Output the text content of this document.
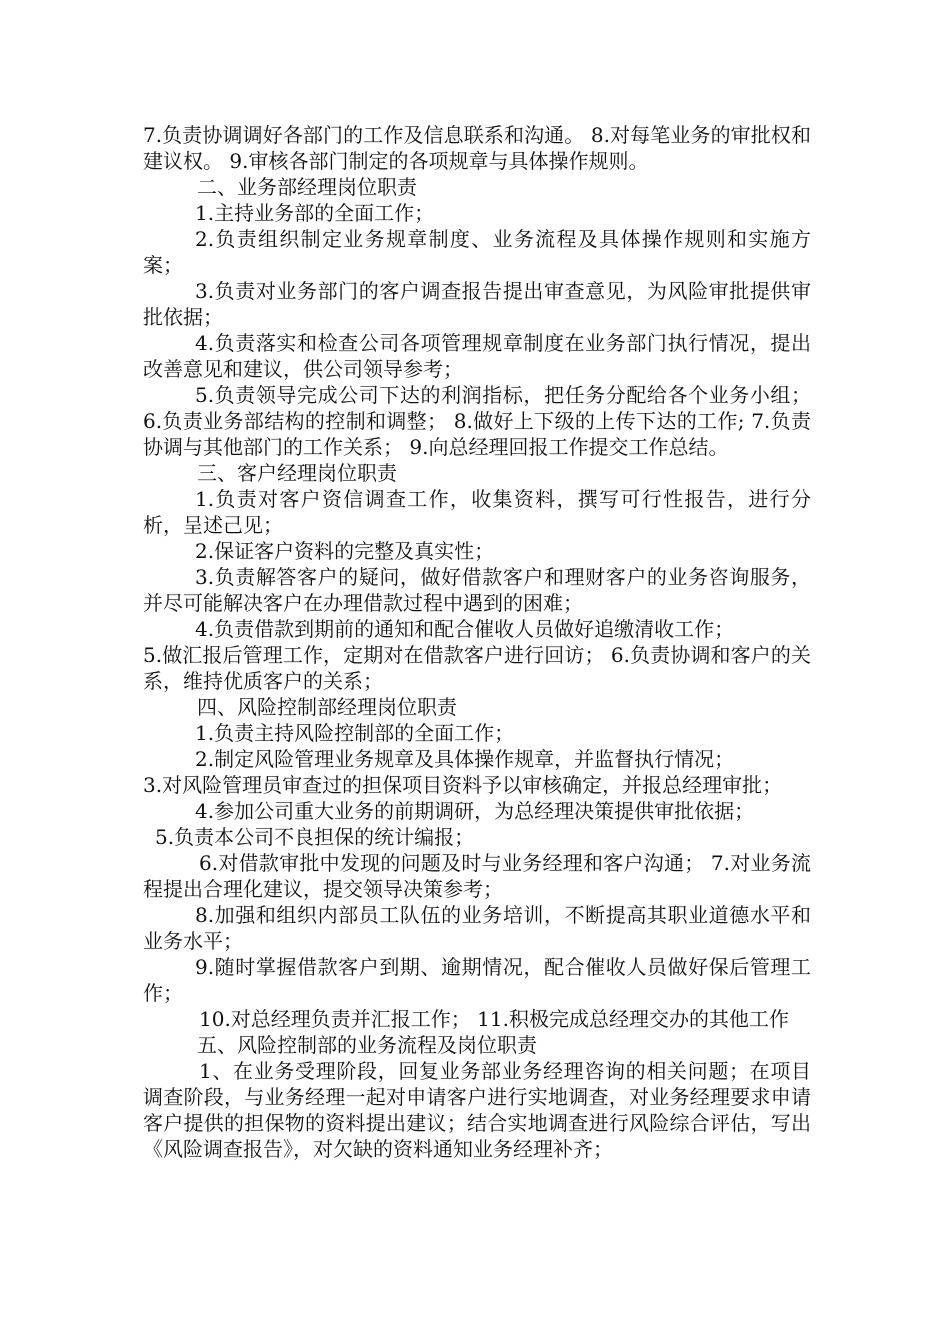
7.负责协调调好各部门的工作及信息联系和沟通。 8.对每笔业务的审批权和建议权。 9.审核各部门制定的各项规章与具体操作规则。

二、业务部经理岗位职责

1.主持业务部的全面工作；

2.负责组织制定业务规章制度、业务流程及具体操作规则和实施方案；

3.负责对业务部门的客户调查报告提出审查意见，为风险审批提供审批依据；

4.负责落实和检查公司各项管理规章制度在业务部门执行情况，提出改善意见和建议，供公司领导参考；

5.负责领导完成公司下达的利润指标，把任务分配给各个业务小组； 6.负责业务部结构的控制和调整； 8.做好上下级的上传下达的工作; 7.负责协调与其他部门的工作关系； 9.向总经理回报工作提交工作总结。

三、客户经理岗位职责

1.负责对客户资信调查工作，收集资料，撰写可行性报告，进行分析，呈述己见；

2.保证客户资料的完整及真实性；

3.负责解答客户的疑问，做好借款客户和理财客户的业务咨询服务，并尽可能解决客户在办理借款过程中遇到的困难；

4.负责借款到期前的通知和配合催收人员做好追缴清收工作；

5.做汇报后管理工作，定期对在借款客户进行回访； 6.负责协调和客户的关系，维持优质客户的关系；

四、风险控制部经理岗位职责

1.负责主持风险控制部的全面工作；

2.制定风险管理业务规章及具体操作规章，并监督执行情况；

3.对风险管理员审查过的担保项目资料予以审核确定，并报总经理审批；

4.参加公司重大业务的前期调研，为总经理决策提供审批依据；

5.负责本公司不良担保的统计编报；

6.对借款审批中发现的问题及时与业务经理和客户沟通； 7.对业务流程提出合理化建议，提交领导决策参考；

8.加强和组织内部员工队伍的业务培训，不断提高其职业道德水平和业务水平；

9.随时掌握借款客户到期、逾期情况，配合催收人员做好保后管理工作；

10.对总经理负责并汇报工作； 11.积极完成总经理交办的其他工作

五、风险控制部的业务流程及岗位职责

1、在业务受理阶段，回复业务部业务经理咨询的相关问题；在项目调查阶段，与业务经理一起对申请客户进行实地调查，对业务经理要求申请客户提供的担保物的资料提出建议；结合实地调查进行风险综合评估，写出《风险调查报告》，对欠缺的资料通知业务经理补齐；
